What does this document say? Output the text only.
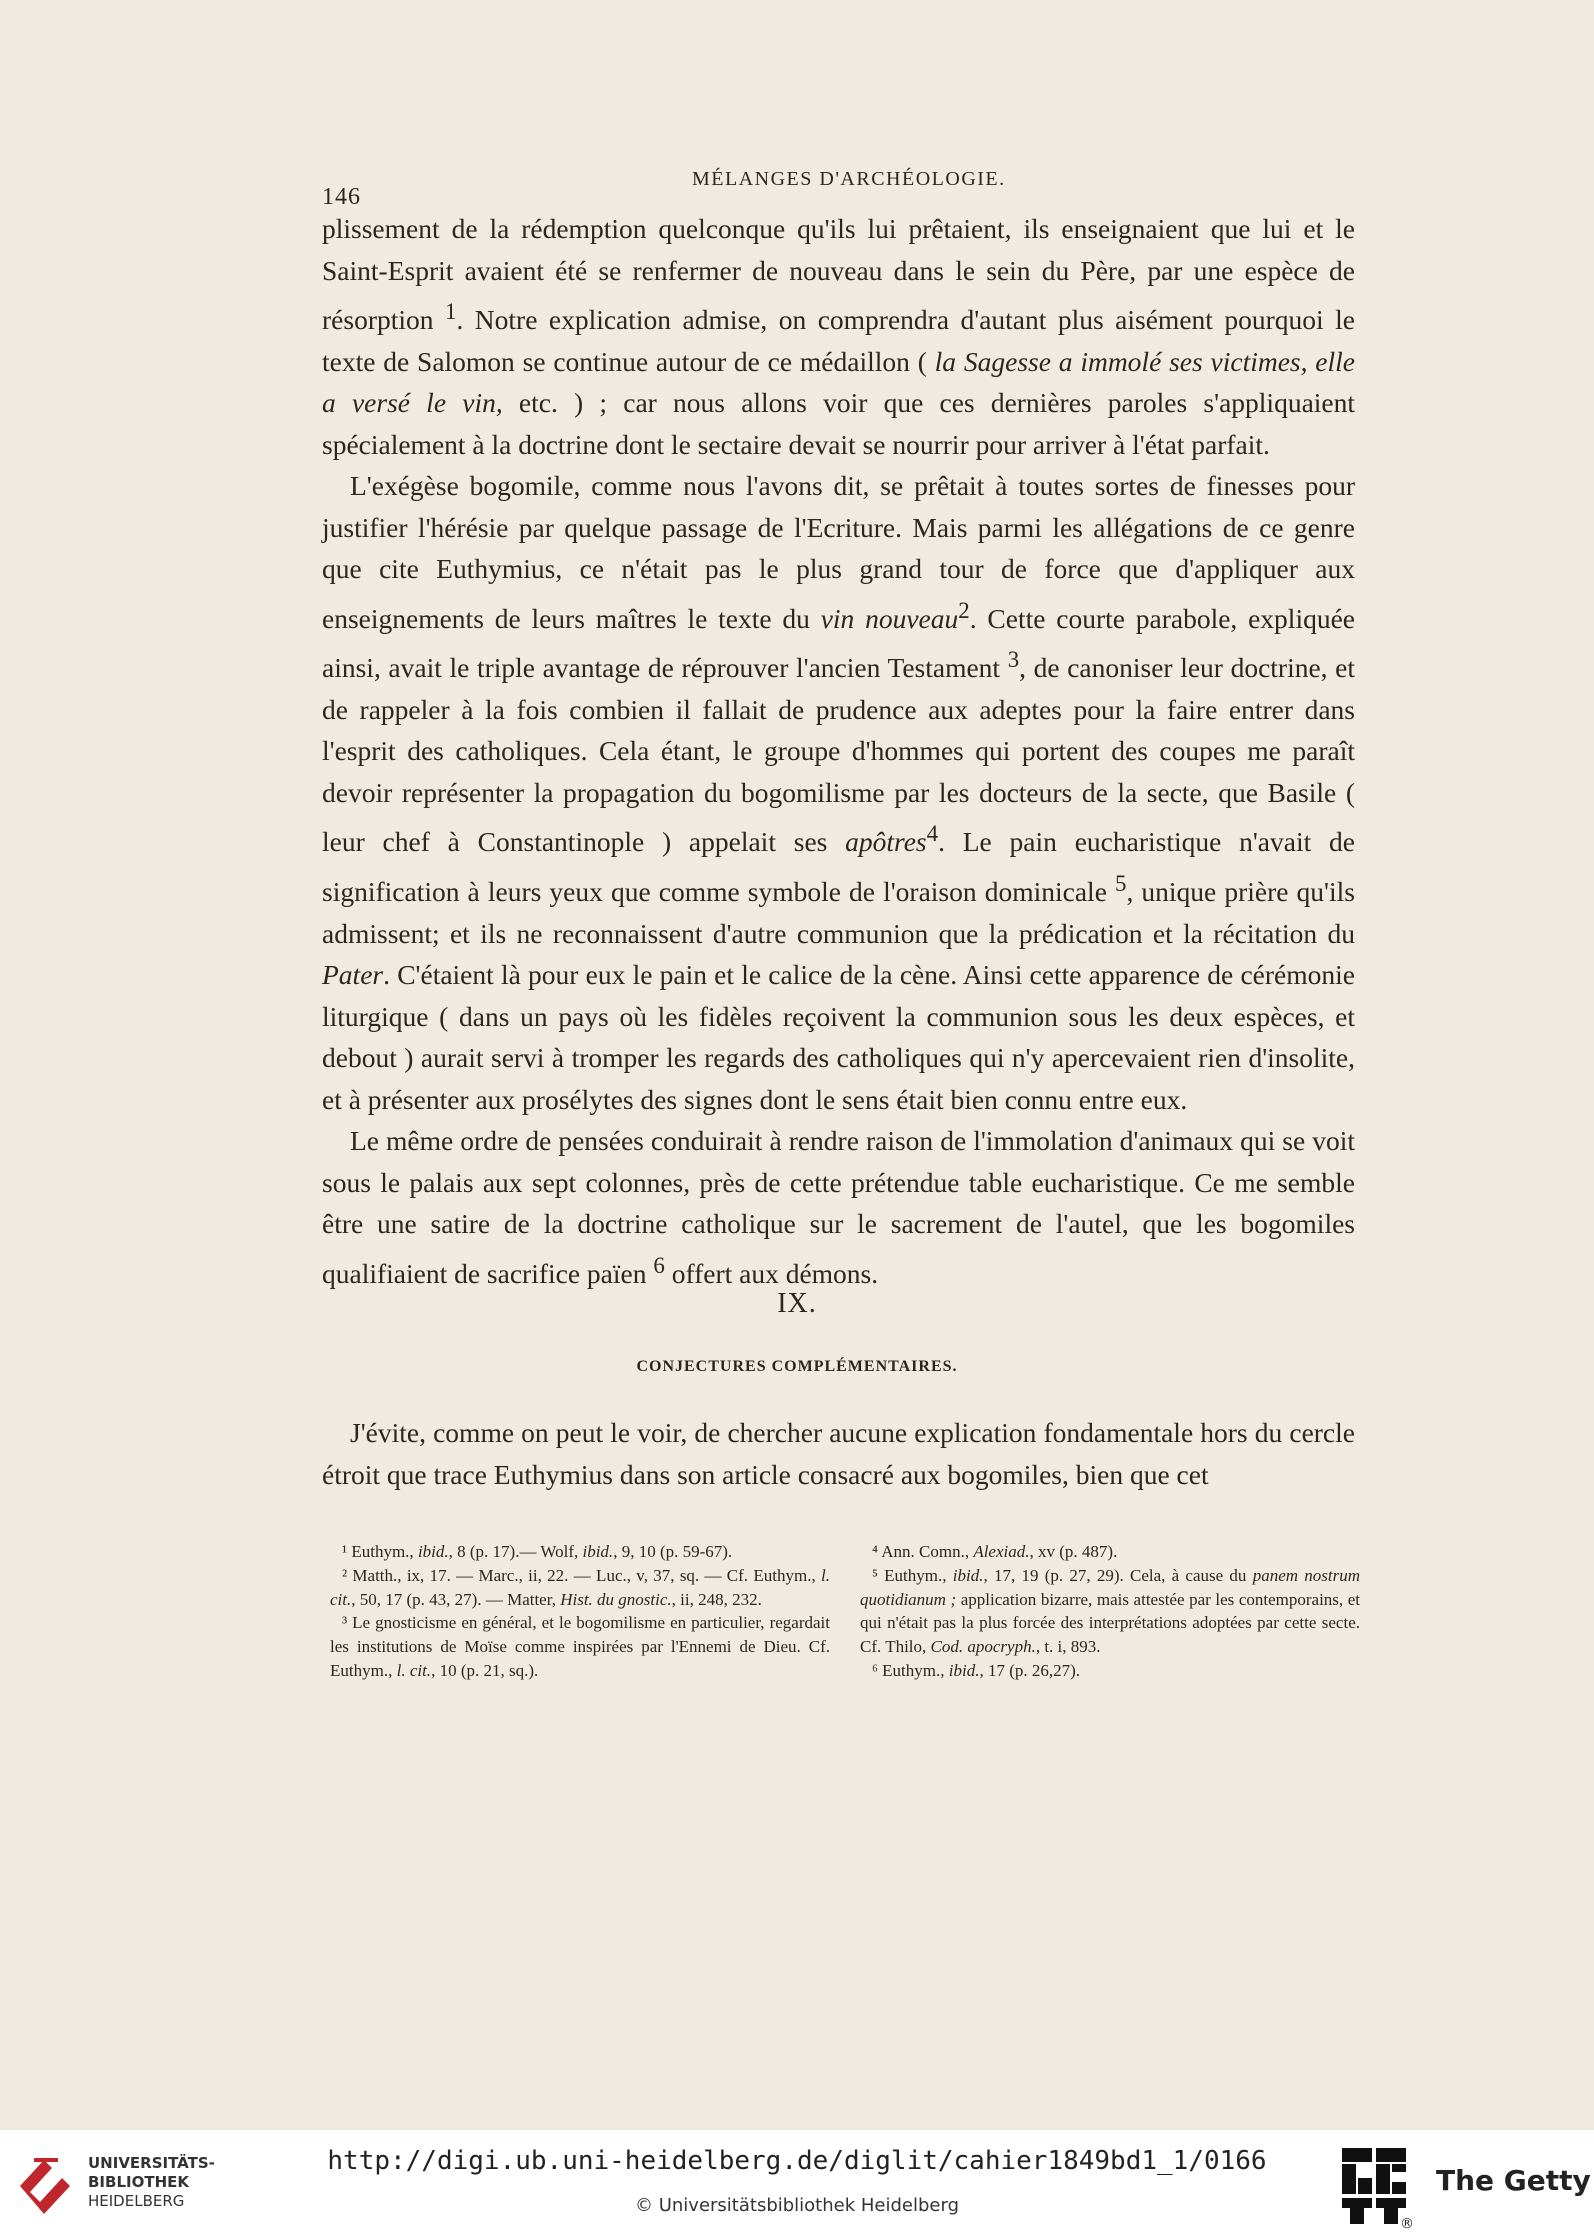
146
MÉLANGES D'ARCHÉOLOGIE.

plissement de la rédemption quelconque qu'ils lui prêtaient, ils enseignaient que lui et le Saint-Esprit avaient été se renfermer de nouveau dans le sein du Père, par une espèce de résorption $^1$. Notre explication admise, on comprendra d'autant plus aisément pourquoi le texte de Salomon se continue autour de ce médaillon ( la Sagesse a immolé ses victimes, elle a versé le vin, etc. ) ; car nous allons voir que ces dernières paroles s'appliquaient spécialement à la doctrine dont le sectaire devait se nourrir pour arriver à l'état parfait.

L'exégèse bogomile, comme nous l'avons dit, se prêtait à toutes sortes de finesses pour justifier l'hérésie par quelque passage de l'Ecriture. Mais parmi les allégations de ce genre que cite Euthymius, ce n'était pas le plus grand tour de force que d'appliquer aux enseignements de leurs maîtres le texte du vin nouveau$^2$. Cette courte parabole, expliquée ainsi, avait le triple avantage de réprouver l'ancien Testament $^3$, de canoniser leur doctrine, et de rappeler à la fois combien il fallait de prudence aux adeptes pour la faire entrer dans l'esprit des catholiques. Cela étant, le groupe d'hommes qui portent des coupes me paraît devoir représenter la propagation du bogomilisme par les docteurs de la secte, que Basile ( leur chef à Constantinople ) appelait ses apôtres$^4$. Le pain eucharistique n'avait de signification à leurs yeux que comme symbole de l'oraison dominicale $^5$, unique prière qu'ils admissent; et ils ne reconnaissent d'autre communion que la prédication et la récitation du Pater. C'étaient là pour eux le pain et le calice de la cène. Ainsi cette apparence de cérémonie liturgique ( dans un pays où les fidèles reçoivent la communion sous les deux espèces, et debout ) aurait servi à tromper les regards des catholiques qui n'y apercevaient rien d'insolite, et à présenter aux prosélytes des signes dont le sens était bien connu entre eux.

Le même ordre de pensées conduirait à rendre raison de l'immolation d'animaux qui se voit sous le palais aux sept colonnes, près de cette prétendue table eucharistique. Ce me semble être une satire de la doctrine catholique sur le sacrement de l'autel, que les bogomiles qualifiaient de sacrifice païen $^6$ offert aux démons.

IX.
CONJECTURES COMPLÉMENTAIRES.

J'évite, comme on peut le voir, de chercher aucune explication fondamentale hors du cercle étroit que trace Euthymius dans son article consacré aux bogomiles, bien que cet

¹ Euthym., ibid., 8 (p. 17).— Wolf, ibid., 9, 10 (p. 59-67).

² Matth., ix, 17. — Marc., ii, 22. — Luc., v, 37, sq. — Cf. Euthym., l. cit., 50, 17 (p. 43, 27). — Matter, Hist. du gnostic., ii, 248, 232.

³ Le gnosticisme en général, et le bogomilisme en particulier, regardait les institutions de Moïse comme inspirées par l'Ennemi de Dieu. Cf. Euthym., l. cit., 10 (p. 21, sq.).

⁴ Ann. Comn., Alexiad., xv (p. 487).

⁵ Euthym., ibid., 17, 19 (p. 27, 29). Cela, à cause du panem nostrum quotidianum ; application bizarre, mais attestée par les contemporains, et qui n'était pas la plus forcée des interprétations adoptées par cette secte. Cf. Thilo, Cod. apocryph., t. i, 893.

⁶ Euthym., ibid., 17 (p. 26,27).

UNIVERSITÄTS-
BIBLIOTHEK
HEIDELBERG
http://digi.ub.uni-heidelberg.de/diglit/cahier1849bd1_1/0166
© Universitätsbibliothek Heidelberg
®
The Getty
